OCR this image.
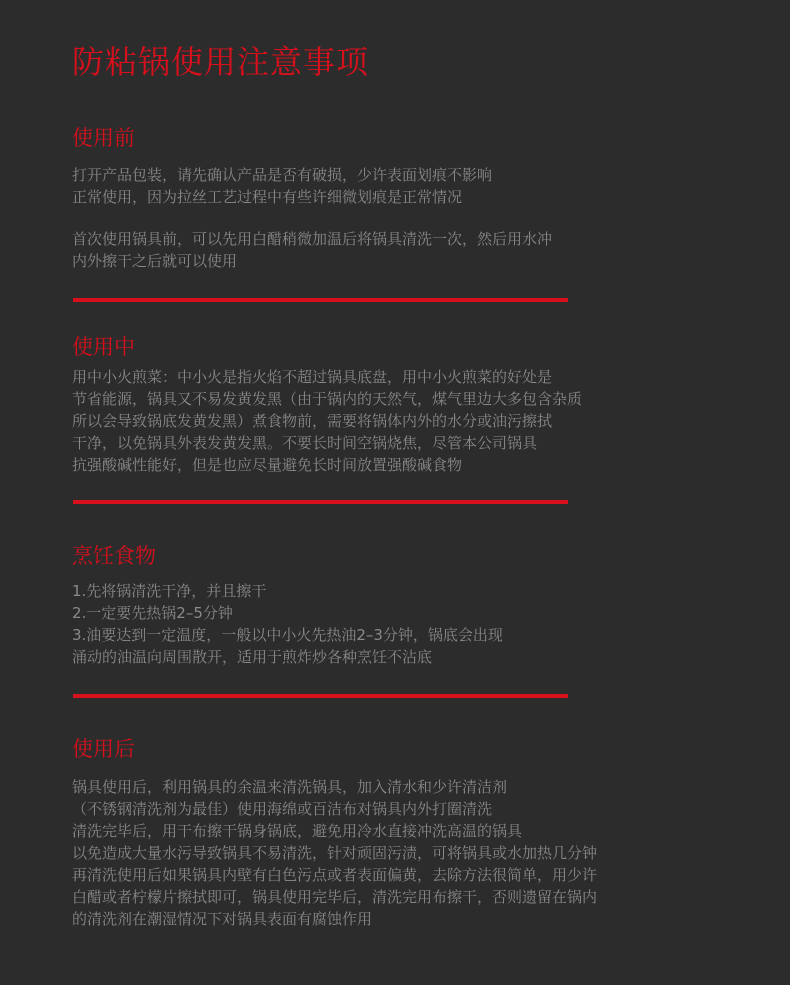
防粘锅使用注意事项
使用前
打开产品包装，请先确认产品是否有破损，少许表面划痕不影响
正常使用，因为拉丝工艺过程中有些许细微划痕是正常情况
首次使用锅具前，可以先用白醋稍微加温后将锅具清洗一次，然后用水冲
内外擦干之后就可以使用
使用中
用中小火煎菜：中小火是指火焰不超过锅具底盘，用中小火煎菜的好处是
节省能源，锅具又不易发黄发黑（由于锅内的天然气，煤气里边大多包含杂质
所以会导致锅底发黄发黑）煮食物前，需要将锅体内外的水分或油污擦拭
干净，以免锅具外表发黄发黑。不要长时间空锅烧焦，尽管本公司锅具
抗强酸碱性能好，但是也应尽量避免长时间放置强酸碱食物
烹饪食物
1.先将锅清洗干净，并且擦干
2.一定要先热锅2–5分钟
3.油要达到一定温度，一般以中小火先热油2–3分钟，锅底会出现
涌动的油温向周围散开，适用于煎炸炒各种烹饪不沾底
使用后
锅具使用后，利用锅具的余温来清洗锅具，加入清水和少许清洁剂
（不锈钢清洗剂为最佳）使用海绵或百洁布对锅具内外打圈清洗
清洗完毕后，用干布擦干锅身锅底，避免用冷水直接冲洗高温的锅具
以免造成大量水污导致锅具不易清洗，针对顽固污渍，可将锅具或水加热几分钟
再清洗使用后如果锅具内壁有白色污点或者表面偏黄，去除方法很简单，用少许
白醋或者柠檬片擦拭即可，锅具使用完毕后，清洗完用布擦干，否则遗留在锅内
的清洗剂在潮湿情况下对锅具表面有腐蚀作用
